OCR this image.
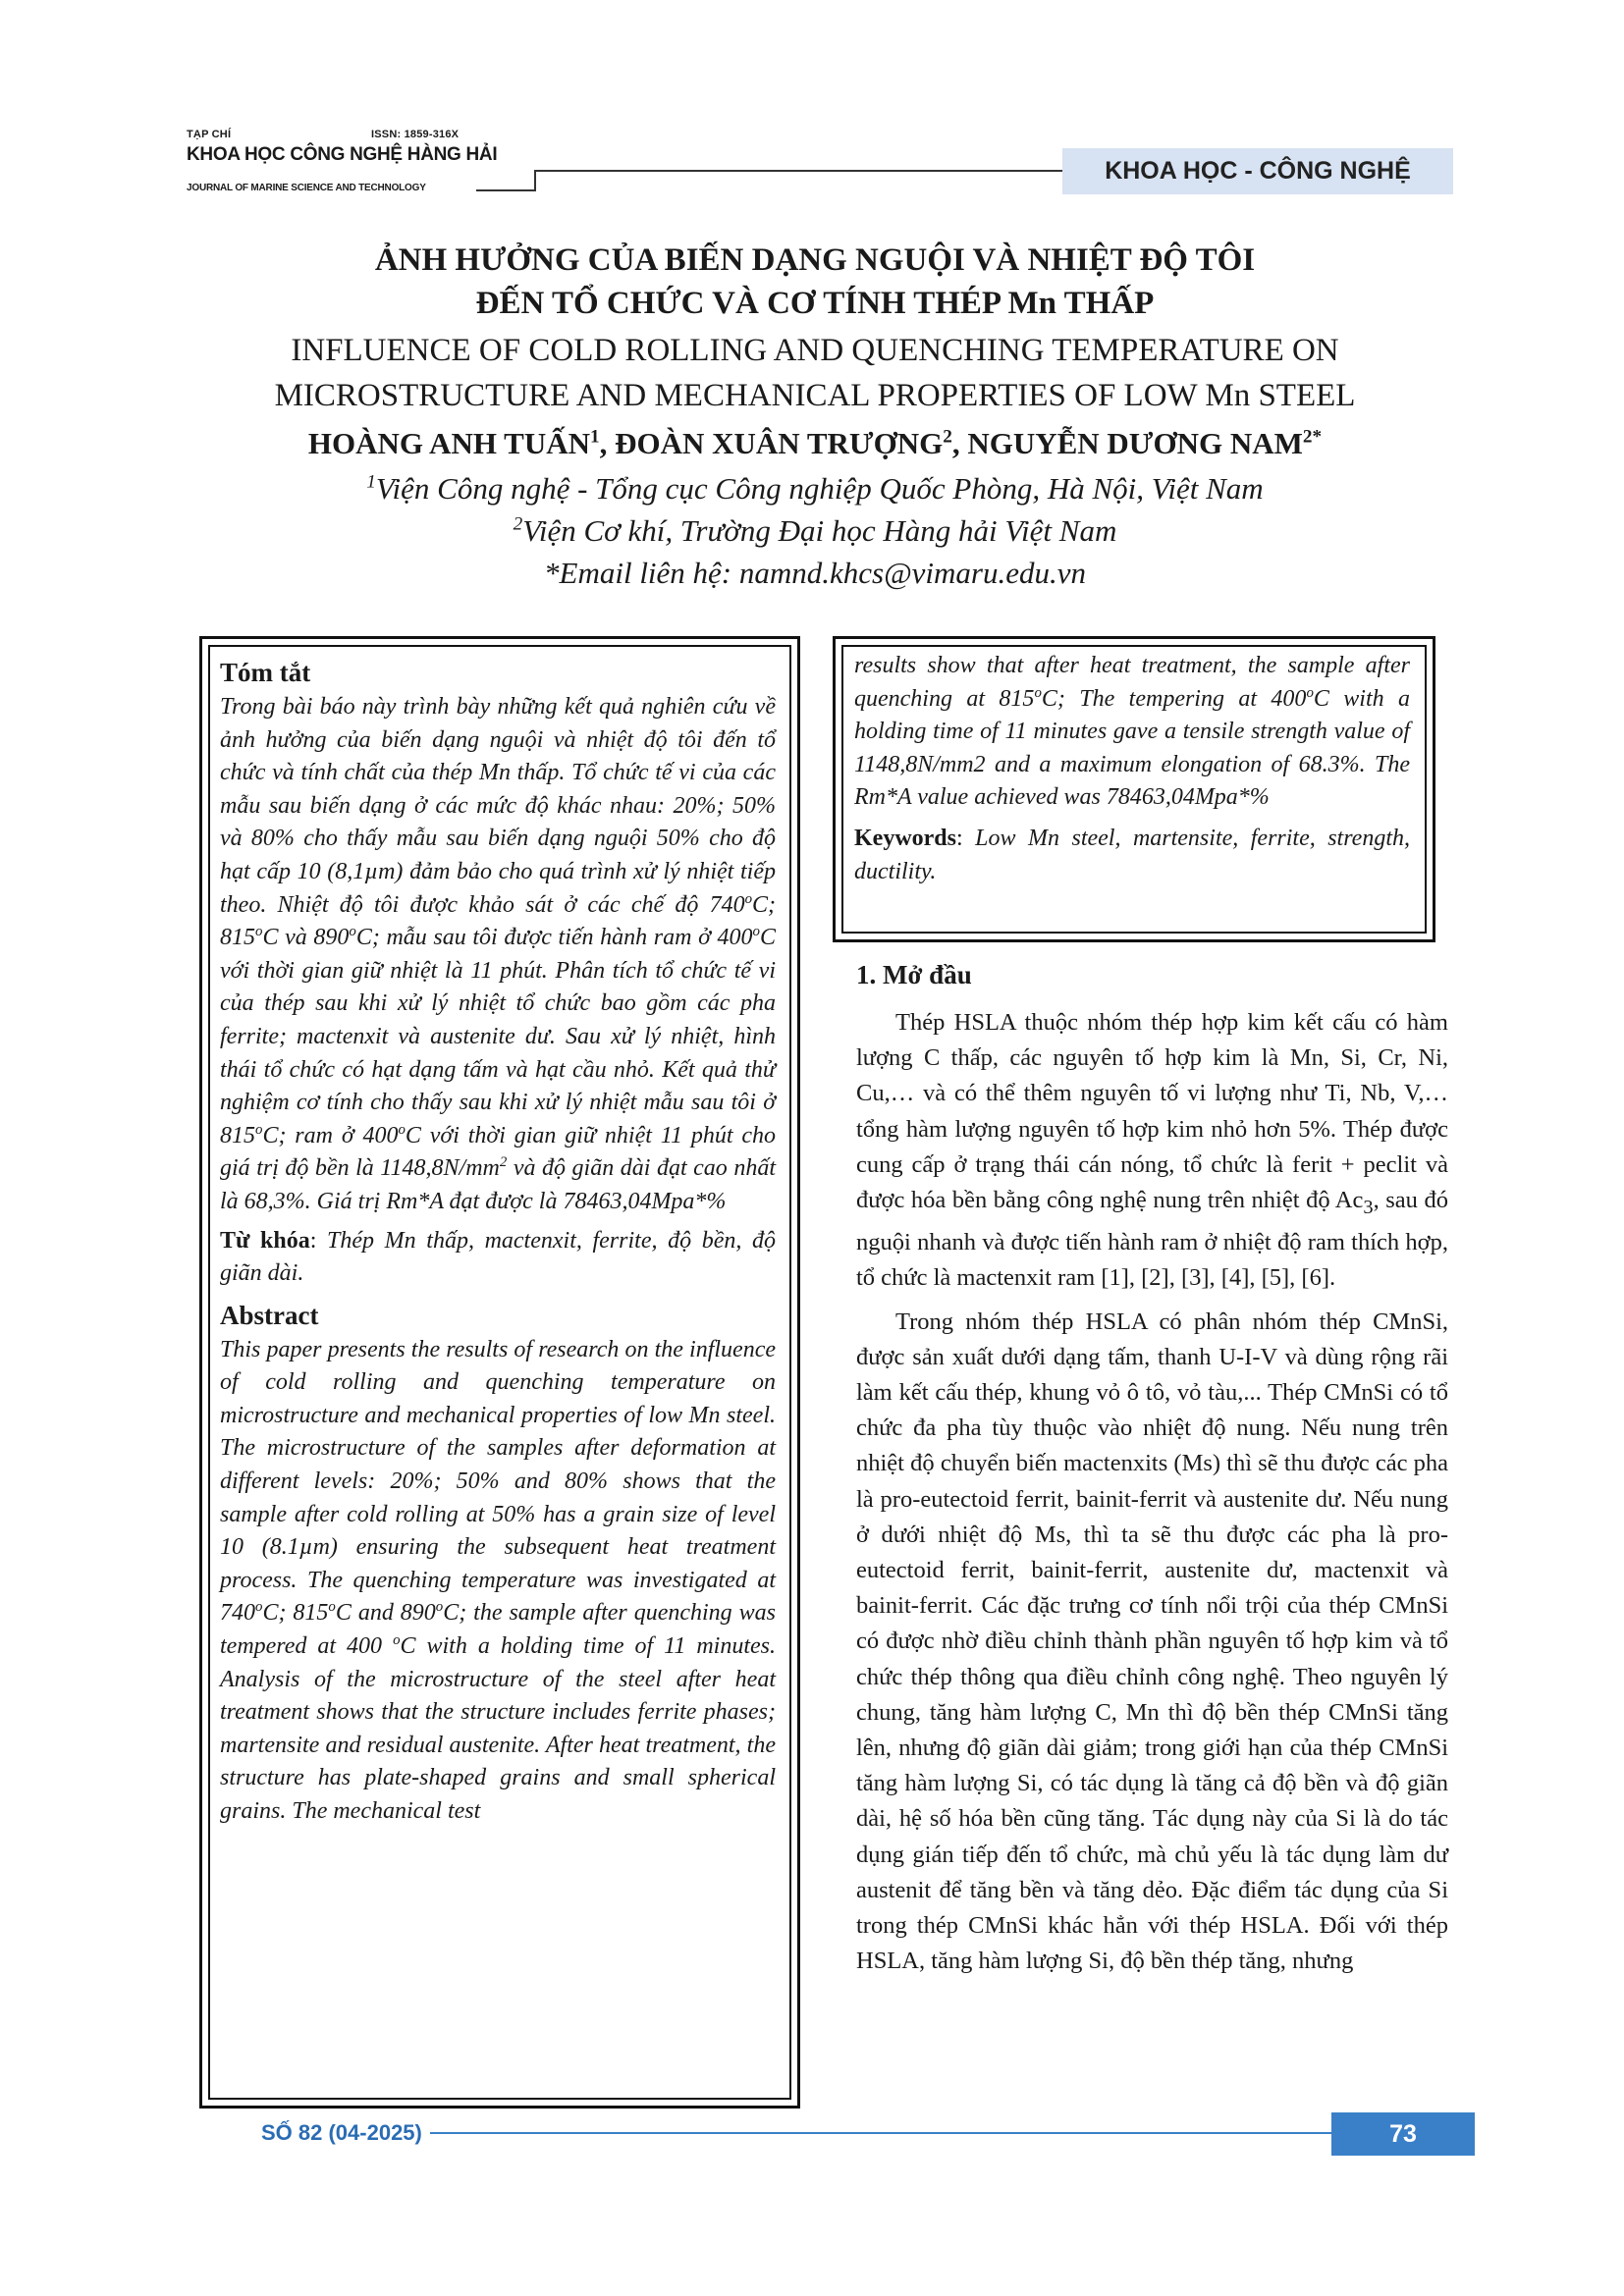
TẠP CHÍ	ISSN: 1859-316X
KHOA HỌC CÔNG NGHỆ HÀNG HẢI
JOURNAL OF MARINE SCIENCE AND TECHNOLOGY
KHOA HỌC - CÔNG NGHỆ
ẢNH HƯỞNG CỦA BIẾN DẠNG NGUỘI VÀ NHIỆT ĐỘ TÔI
ĐẾN TỔ CHỨC VÀ CƠ TÍNH THÉP Mn THẤP
INFLUENCE OF COLD ROLLING AND QUENCHING TEMPERATURE ON
MICROSTRUCTURE AND MECHANICAL PROPERTIES OF LOW Mn STEEL
HOÀNG ANH TUẤN$^1$, ĐOÀN XUÂN TRƯỢNG$^2$, NGUYỄN DƯƠNG $NAM^{2*}$
$^1$Viện Công nghệ - Tổng cục Công nghiệp Quốc Phòng, Hà Nội, Việt Nam
$^2$Viện Cơ khí, Trường Đại học Hàng hải Việt Nam
*Email liên hệ: namnd.khcs@vimaru.edu.vn

Tóm tắt

Trong bài báo này trình bày những kết quả nghiên cứu về ảnh hưởng của biến dạng nguội và nhiệt độ tôi đến tổ chức và tính chất của thép Mn thấp. Tổ chức tế vi của các mẫu sau biến dạng ở các mức độ khác nhau: 20%; 50% và 80% cho thấy mẫu sau biến dạng nguội 50% cho độ hạt cấp 10 (8,1µm) đảm bảo cho quá trình xử lý nhiệt tiếp theo. Nhiệt độ tôi được khảo sát ở các chế độ 740$^o$C; 815$^o$C và 890$^o$C; mẫu sau tôi được tiến hành ram ở 400$^o$C với thời gian giữ nhiệt là 11 phút. Phân tích tổ chức tế vi của thép sau khi xử lý nhiệt tổ chức bao gồm các pha ferrite; mactenxit và austenite dư. Sau xử lý nhiệt, hình thái tổ chức có hạt dạng tấm và hạt cầu nhỏ. Kết quả thử nghiệm cơ tính cho thấy sau khi xử lý nhiệt mẫu sau tôi ở 815$^o$C; ram ở 400$^o$C với thời gian giữ nhiệt 11 phút cho giá trị độ bền là $1148,8N/mm^2$ và độ giãn dài đạt cao nhất là 68,3%. Giá trị Rm*A đạt được là 78463,04Mpa*%

Từ khóa: Thép Mn thấp, mactenxit, ferrite, độ bền, độ giãn dài.

Abstract

This paper presents the results of research on the influence of cold rolling and quenching temperature on microstructure and mechanical properties of low Mn steel. The microstructure of the samples after deformation at different levels: 20%; 50% and 80% shows that the sample after cold rolling at 50% has a grain size of level 10 (8.1µm) ensuring the subsequent heat treatment process. The quenching temperature was investigated at 740$^o$C; 815$^o$C and 890$^o$C; the sample after quenching was tempered at 400 $^o$C with a holding time of 11 minutes. Analysis of the microstructure of the steel after heat treatment shows that the structure includes ferrite phases; martensite and residual austenite. After heat treatment, the structure has plate-shaped grains and small spherical grains. The mechanical test

results show that after heat treatment, the sample after quenching at 815$^o$C; The tempering at 400$^o$C with a holding time of 11 minutes gave a tensile strength value of 1148,8N/mm2 and a maximum elongation of 68.3%. The Rm*A value achieved was 78463,04Mpa*%

Keywords: Low Mn steel, martensite, ferrite, strength, ductility.

1. Mở đầu

Thép HSLA thuộc nhóm thép hợp kim kết cấu có hàm lượng C thấp, các nguyên tố hợp kim là Mn, Si, Cr, Ni, Cu,… và có thể thêm nguyên tố vi lượng như Ti, Nb, V,… tổng hàm lượng nguyên tố hợp kim nhỏ hơn 5%. Thép được cung cấp ở trạng thái cán nóng, tổ chức là ferit + peclit và được hóa bền bằng công nghệ nung trên nhiệt độ $Ac_3$, sau đó nguội nhanh và được tiến hành ram ở nhiệt độ ram thích hợp, tổ chức là mactenxit ram [1], [2], [3], [4], [5], [6].

Trong nhóm thép HSLA có phân nhóm thép CMnSi, được sản xuất dưới dạng tấm, thanh U-I-V và dùng rộng rãi làm kết cấu thép, khung vỏ ô tô, vỏ tàu,... Thép CMnSi có tổ chức đa pha tùy thuộc vào nhiệt độ nung. Nếu nung trên nhiệt độ chuyển biến mactenxits (Ms) thì sẽ thu được các pha là pro-eutectoid ferrit, bainit-ferrit và austenite dư. Nếu nung ở dưới nhiệt độ Ms, thì ta sẽ thu được các pha là pro-eutectoid ferrit, bainit-ferrit, austenite dư, mactenxit và bainit-ferrit. Các đặc trưng cơ tính nổi trội của thép CMnSi có được nhờ điều chỉnh thành phần nguyên tố hợp kim và tổ chức thép thông qua điều chỉnh công nghệ. Theo nguyên lý chung, tăng hàm lượng C, Mn thì độ bền thép CMnSi tăng lên, nhưng độ giãn dài giảm; trong giới hạn của thép CMnSi tăng hàm lượng Si, có tác dụng là tăng cả độ bền và độ giãn dài, hệ số hóa bền cũng tăng. Tác dụng này của Si là do tác dụng gián tiếp đến tổ chức, mà chủ yếu là tác dụng làm dư austenit để tăng bền và tăng dẻo. Đặc điểm tác dụng của Si trong thép CMnSi khác hẳn với thép HSLA. Đối với thép HSLA, tăng hàm lượng Si, độ bền thép tăng, nhưng

SỐ 82 (04-2025)	73
